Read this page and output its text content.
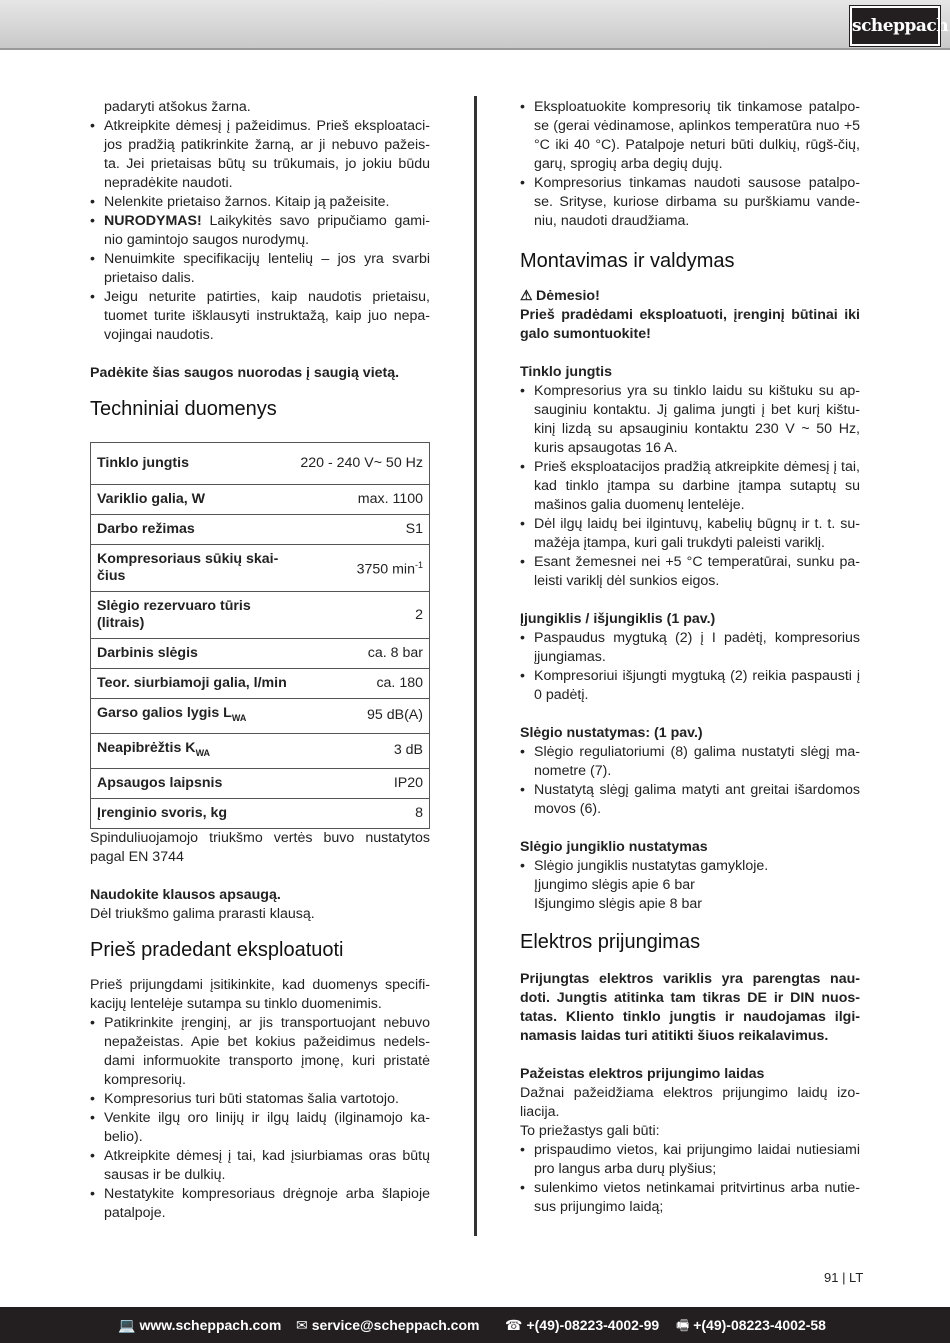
scheppach
padaryti atšokus žarna.
• Atkreipkite dėmesį į pažeidimus. Prieš eksploataci-jos pradžią patikrinkite žarną, ar ji nebuvo pažeis-ta. Jei prietaisas būtų su trūkumais, jo jokiu būdu nepradėkite naudoti.
• Nelenkite prietaiso žarnos. Kitaip ją pažeisite.
• NURODYMAS! Laikykitės savo pripučiamo gami-nio gamintojo saugos nurodymų.
• Nenuimkite specifikacijų lentelių – jos yra svarbi prietaiso dalis.
• Jeigu neturite patirties, kaip naudotis prietaisu, tuomet turite išklausyti instruktažą, kaip juo nepa-vojingai naudotis.

Padėkite šias saugos nuorodas į saugią vietą.

Techniniai duomenys
Tinklo jungtis	220 - 240 V~ 50 Hz
Variklio galia, W	max. 1100
Darbo režimas	S1
Kompresoriaus sūkių skai-čius	3750 $\min^{-1}$
Slėgio rezervuaro tūris (litrais)	2
Darbinis slėgis	ca. 8 bar
Teor. siurbiamoji galia, l/min	ca. 180
Garso galios lygis $L_{WA}$	95 dB(A)
Neapibrėžtis $K_{WA}$	3 dB
Apsaugos laipsnis	IP20
Įrenginio svoris, kg	8

Spinduliuojamojo triukšmo vertės buvo nustatytos pagal EN 3744

Naudokite klausos apsaugą.

Dėl triukšmo galima prarasti klausą.

Prieš pradedant eksploatuoti

Prieš prijungdami įsitikinkite, kad duomenys specifi-kacijų lentelėje sutampa su tinklo duomenimis.

• Patikrinkite įrenginį, ar jis transportuojant nebuvo nepažeistas. Apie bet kokius pažeidimus nedels-dami informuokite transporto įmonę, kuri pristatė kompresorių.
• Kompresorius turi būti statomas šalia vartotojo.
• Venkite ilgų oro linijų ir ilgų laidų (ilginamojo ka-belio).
• Atkreipkite dėmesį į tai, kad įsiurbiamas oras būtų sausas ir be dulkių.
• Nestatykite kompresoriaus drėgnoje arba šlapioje patalpoje.
• Eksploatuokite kompresorių tik tinkamose patalpo-se (gerai vėdinamose, aplinkos temperatūra nuo +5 °C iki 40 °C). Patalpoje neturi būti dulkių, rūgš-čių, garų, sprogių arba degių dujų.
• Kompresorius tinkamas naudoti sausose patalpo-se. Srityse, kuriose dirbama su purškiamu vande-niu, naudoti draudžiama.
Montavimas ir valdymas

⚠ Dėmesio!

Prieš pradėdami eksploatuoti, įrenginį būtinai iki galo sumontuokite!

Tinklo jungtis

• Kompresorius yra su tinklo laidu su kištuku su ap-sauginiu kontaktu. Jį galima jungti į bet kurį kištu-kinį lizdą su apsauginiu kontaktu 230 V ~ 50 Hz, kuris apsaugotas 16 A.
• Prieš eksploatacijos pradžią atkreipkite dėmesį į tai, kad tinklo įtampa su darbine įtampa sutaptų su mašinos galia duomenų lentelėje.
• Dėl ilgų laidų bei ilgintuvų, kabelių būgnų ir t. t. su-mažėja įtampa, kuri gali trukdyti paleisti variklį.
• Esant žemesnei nei +5 °C temperatūrai, sunku pa-leisti variklį dėl sunkios eigos.

Įjungiklis / išjungiklis (1 pav.)

• Paspaudus mygtuką (2) į I padėtį, kompresorius įjungiamas.
• Kompresoriui išjungti mygtuką (2) reikia paspausti į 0 padėtį.

Slėgio nustatymas: (1 pav.)

• Slėgio reguliatoriumi (8) galima nustatyti slėgį ma-nometre (7).
• Nustatytą slėgį galima matyti ant greitai išardomos movos (6).

Slėgio jungiklio nustatymas

• Slėgio jungiklis nustatytas gamykloje.
Įjungimo slėgis apie 6 bar
Išjungimo slėgis apie 8 bar
Elektros prijungimas

Prijungtas elektros variklis yra parengtas nau-doti. Jungtis atitinka tam tikras DE ir DIN nuos-tatas. Kliento tinklo jungtis ir naudojamas ilgi-namasis laidas turi atitikti šiuos reikalavimus.

Pažeistas elektros prijungimo laidas

Dažnai pažeidžiama elektros prijungimo laidų izo-liacija.

To priežastys gali būti:

• prispaudimo vietos, kai prijungimo laidai nutiesiami pro langus arba durų plyšius;
• sulenkimo vietos netinkamai pritvirtinus arba nutie-sus prijungimo laidą;
91 | LT
💻 www.scheppach.com ✉ service@scheppach.com ☎ +(49)-08223-4002-99 🖷 +(49)-08223-4002-58
